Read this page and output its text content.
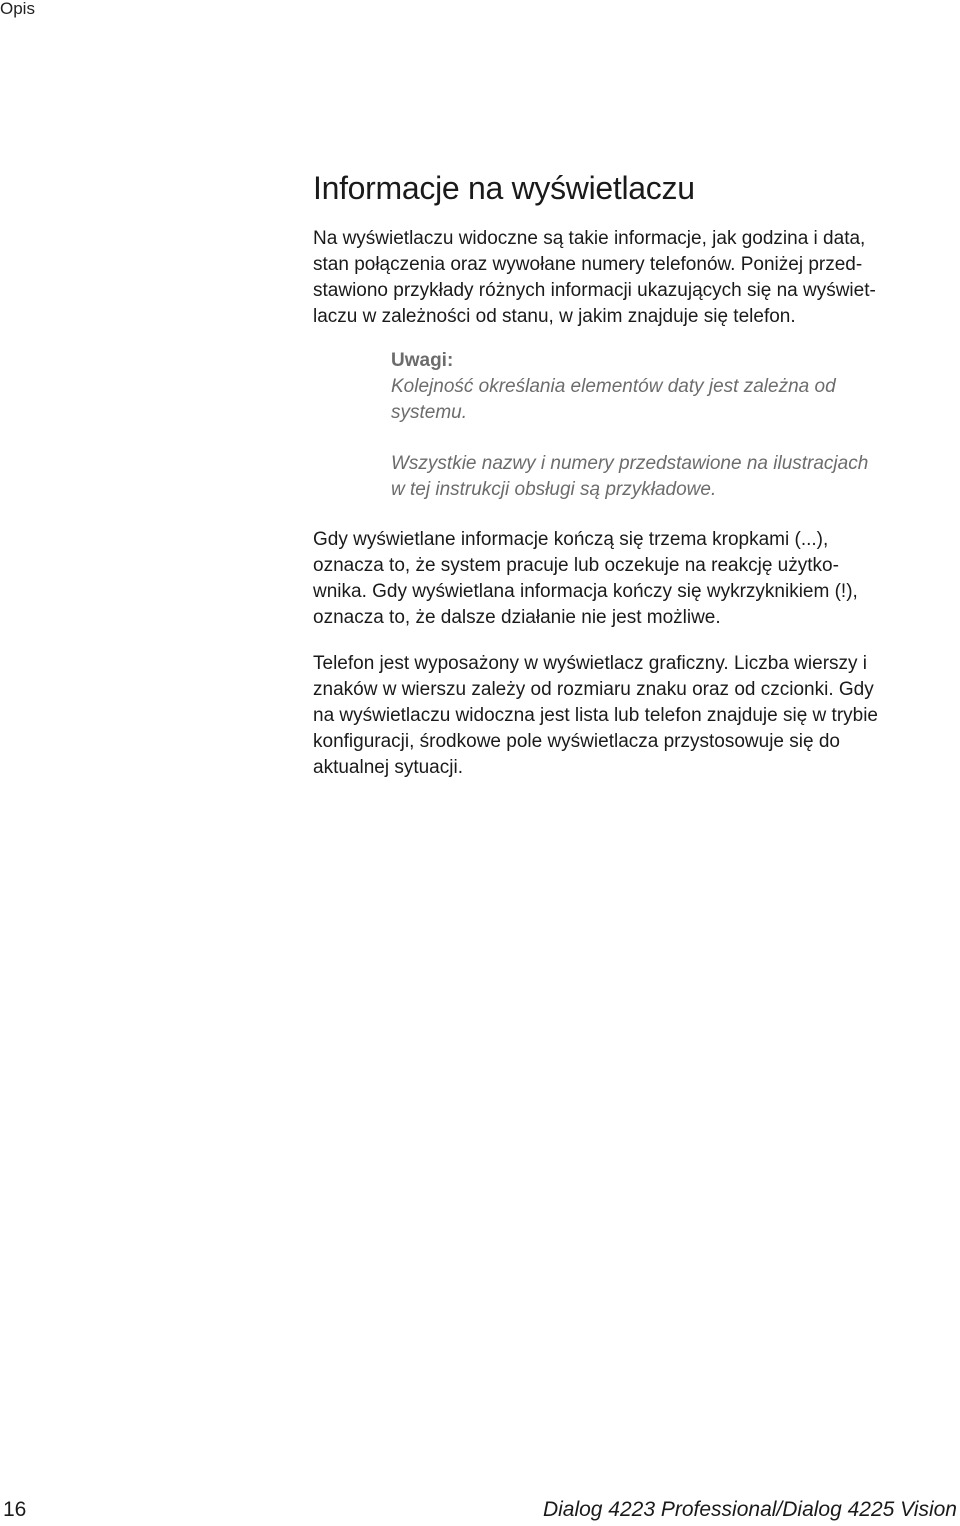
Opis
Informacje na wyświetlaczu

Na wyświetlaczu widoczne są takie informacje, jak godzina i data,
stan połączenia oraz wywołane numery telefonów. Poniżej przed-
stawiono przykłady różnych informacji ukazujących się na wyświet-
laczu w zależności od stanu, w jakim znajduje się telefon.

Uwagi:

Kolejność określania elementów daty jest zależna od
systemu.

Wszystkie nazwy i numery przedstawione na ilustracjach
w tej instrukcji obsługi są przykładowe.

Gdy wyświetlane informacje kończą się trzema kropkami (...),
oznacza to, że system pracuje lub oczekuje na reakcję użytko-
wnika. Gdy wyświetlana informacja kończy się wykrzyknikiem (!),
oznacza to, że dalsze działanie nie jest możliwe.

Telefon jest wyposażony w wyświetlacz graficzny. Liczba wierszy i
znaków w wierszu zależy od rozmiaru znaku oraz od czcionki. Gdy
na wyświetlaczu widoczna jest lista lub telefon znajduje się w trybie
konfiguracji, środkowe pole wyświetlacza przystosowuje się do
aktualnej sytuacji.

16	Dialog 4223 Professional/Dialog 4225 Vision
